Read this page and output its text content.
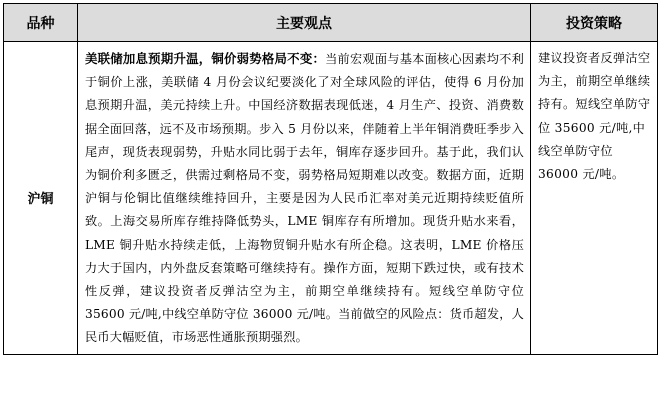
品种	主要观点	投资策略
沪铜	美联储加息预期升温，铜价弱势格局不变：当前宏观面与基本面核心因素均不利于铜价上涨，美联储 4 月份会议纪要淡化了对全球风险的评估，使得 6 月份加息预期升温，美元持续上升。中国经济数据表现低迷，4 月生产、投资、消费数据全面回落，远不及市场预期。步入 5 月份以来，伴随着上半年铜消费旺季步入尾声，现货表现弱势，升贴水同比弱于去年，铜库存逐步回升。基于此，我们认为铜价利多匮乏，供需过剩格局不变，弱势格局短期难以改变。数据方面，近期沪铜与伦铜比值继续维持回升，主要是因为人民币汇率对美元近期持续贬值所致。上海交易所库存维持降低势头，LME 铜库存有所增加。现货升贴水来看，LME 铜升贴水持续走低，上海物贸铜升贴水有所企稳。这表明，LME 价格压力大于国内，内外盘反套策略可继续持有。操作方面，短期下跌过快，或有技术性反弹，建议投资者反弹沽空为主，前期空单继续持有。短线空单防守位 35600 元/吨,中线空单防守位 36000 元/吨。当前做空的风险点：货币超发，人民币大幅贬值，市场恶性通胀预期强烈。	建议投资者反弹沽空为主，前期空单继续持有。短线空单防守位 35600 元/吨,中线空单防守位 36000 元/吨。
